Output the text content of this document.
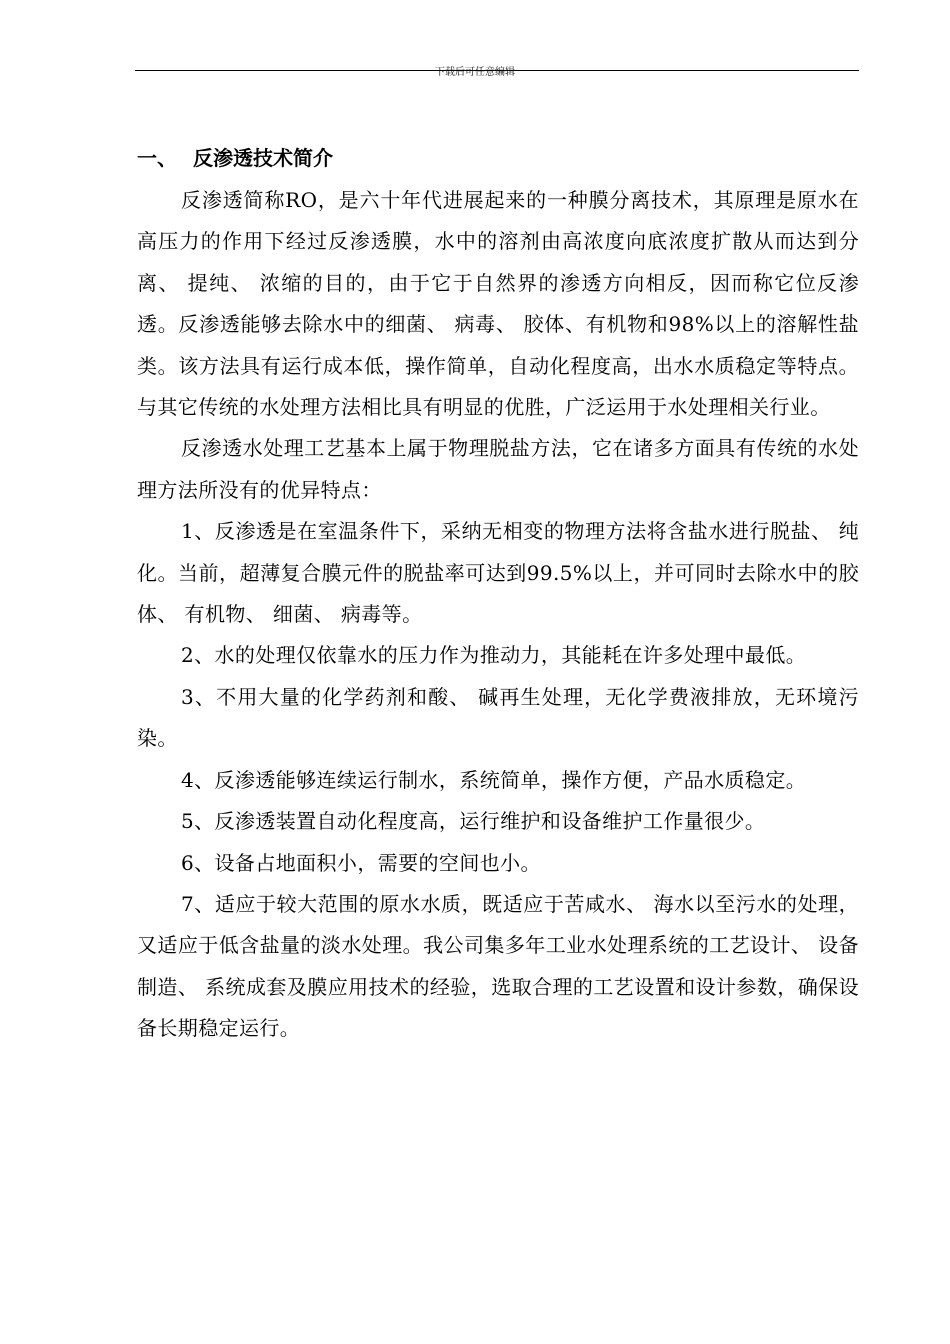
下载后可任意编辑
一、 反渗透技术简介

反渗透简称RO，是六十年代进展起来的一种膜分离技术，其原理是原水在高压力的作用下经过反渗透膜，水中的溶剂由高浓度向底浓度扩散从而达到分离、 提纯、 浓缩的目的，由于它于自然界的渗透方向相反，因而称它位反渗透。反渗透能够去除水中的细菌、 病毒、 胶体、有机物和98%以上的溶解性盐类。该方法具有运行成本低，操作简单，自动化程度高，出水水质稳定等特点。与其它传统的水处理方法相比具有明显的优胜，广泛运用于水处理相关行业。

反渗透水处理工艺基本上属于物理脱盐方法，它在诸多方面具有传统的水处理方法所没有的优异特点：

1、反渗透是在室温条件下，采纳无相变的物理方法将含盐水进行脱盐、 纯化。当前，超薄复合膜元件的脱盐率可达到99.5%以上，并可同时去除水中的胶体、 有机物、 细菌、 病毒等。

2、水的处理仅依靠水的压力作为推动力，其能耗在许多处理中最低。

3、不用大量的化学药剂和酸、 碱再生处理，无化学费液排放，无环境污染。

4、反渗透能够连续运行制水，系统简单，操作方便，产品水质稳定。

5、反渗透装置自动化程度高，运行维护和设备维护工作量很少。

6、设备占地面积小，需要的空间也小。

7、适应于较大范围的原水水质，既适应于苦咸水、 海水以至污水的处理，又适应于低含盐量的淡水处理。我公司集多年工业水处理系统的工艺设计、 设备制造、 系统成套及膜应用技术的经验，选取合理的工艺设置和设计参数，确保设备长期稳定运行。
